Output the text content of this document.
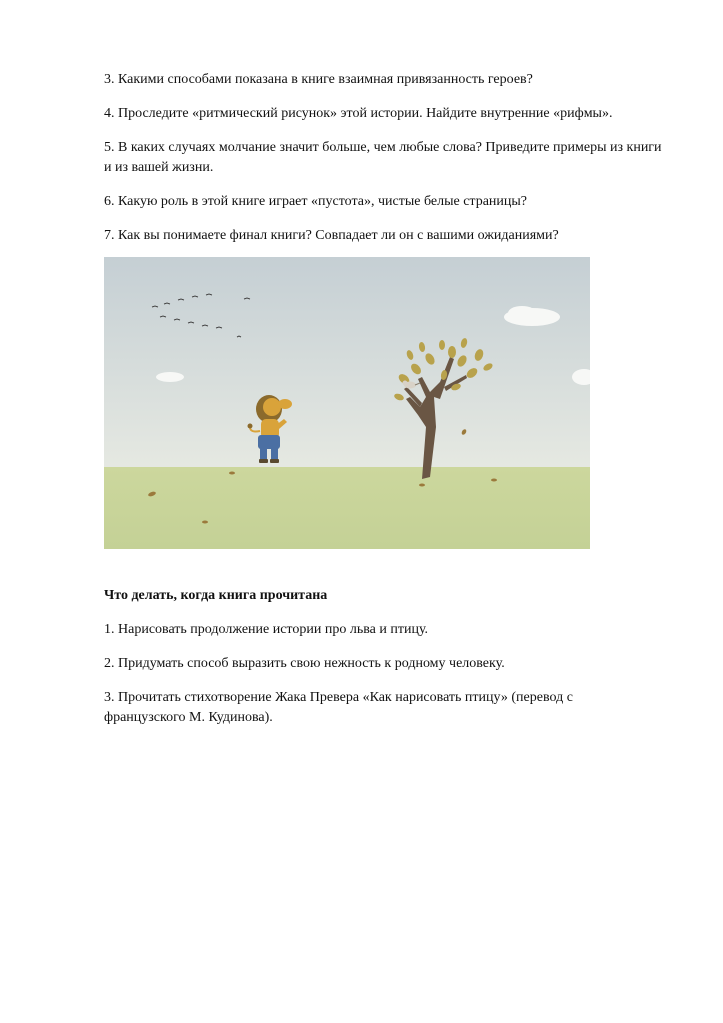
3. Какими способами показана в книге взаимная привязанность героев?

4. Проследите «ритмический рисунок» этой истории. Найдите внутренние «рифмы».

5. В каких случаях молчание значит больше, чем любые слова? Приведите примеры из книги и из вашей жизни.

6. Какую роль в этой книге играет «пустота», чистые белые страницы?

7. Как вы понимаете финал книги? Совпадает ли он с вашими ожиданиями?

Что делать, когда книга прочитана

1. Нарисовать продолжение истории про льва и птицу.

2. Придумать способ выразить свою нежность к родному человеку.

3. Прочитать стихотворение Жака Превера «Как нарисовать птицу» (перевод с французского М. Кудинова).
